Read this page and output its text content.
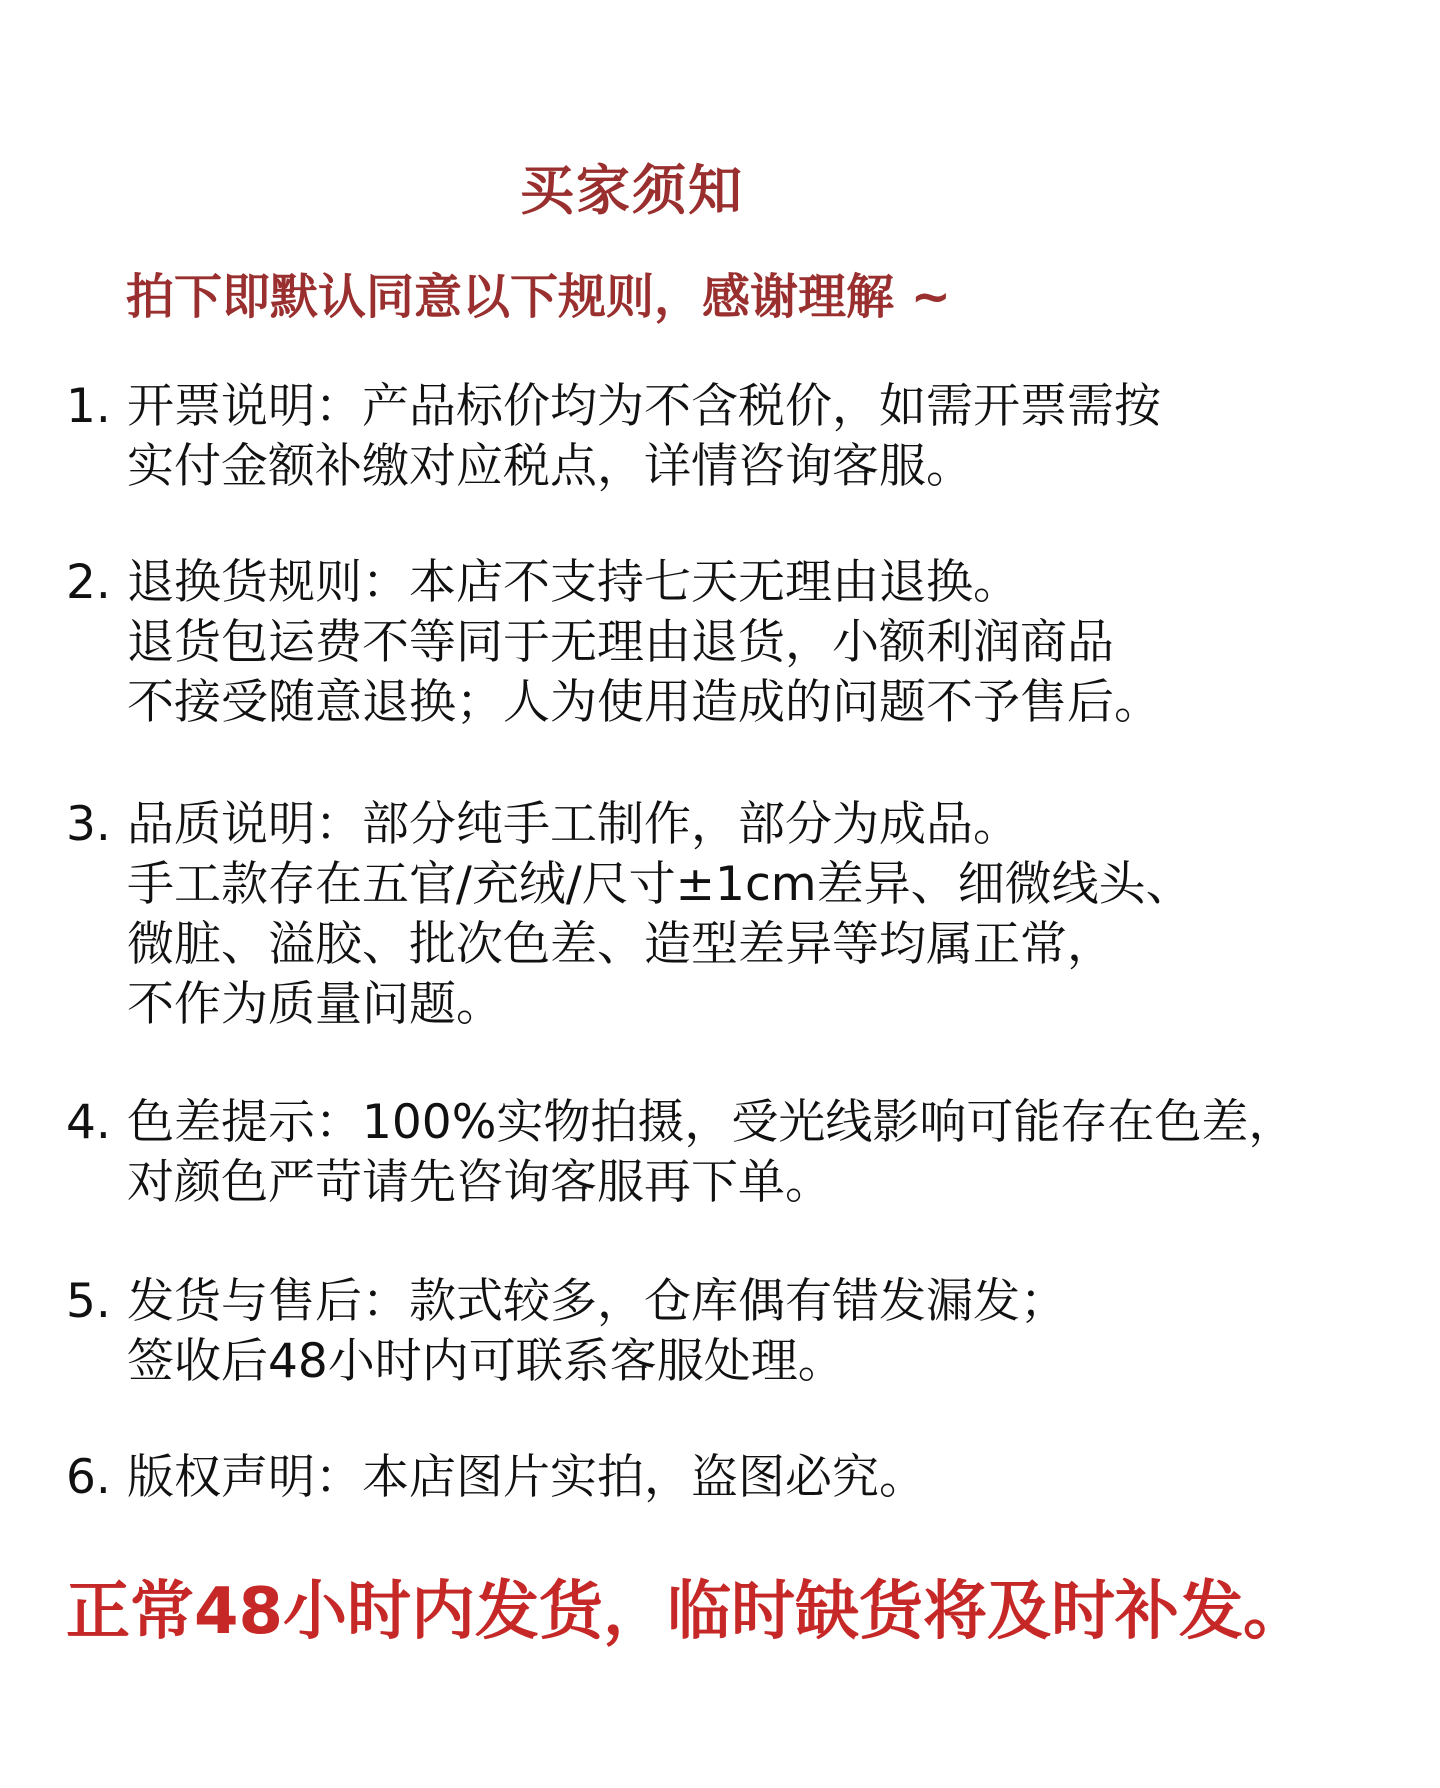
买家须知
拍下即默认同意以下规则，感谢理解 ~
1. 开票说明：产品标价均为不含税价，如需开票需按
实付金额补缴对应税点，详情咨询客服。
2. 退换货规则：本店不支持七天无理由退换。
退货包运费不等同于无理由退货，小额利润商品
不接受随意退换；人为使用造成的问题不予售后。
3. 品质说明：部分纯手工制作，部分为成品。
手工款存在五官/充绒/尺寸±1cm差异、细微线头、
微脏、溢胶、批次色差、造型差异等均属正常，
不作为质量问题。
4. 色差提示：100%实物拍摄，受光线影响可能存在色差，
对颜色严苛请先咨询客服再下单。
5. 发货与售后：款式较多，仓库偶有错发漏发；
签收后48小时内可联系客服处理。
6. 版权声明：本店图片实拍，盗图必究。
正常48小时内发货，临时缺货将及时补发。
